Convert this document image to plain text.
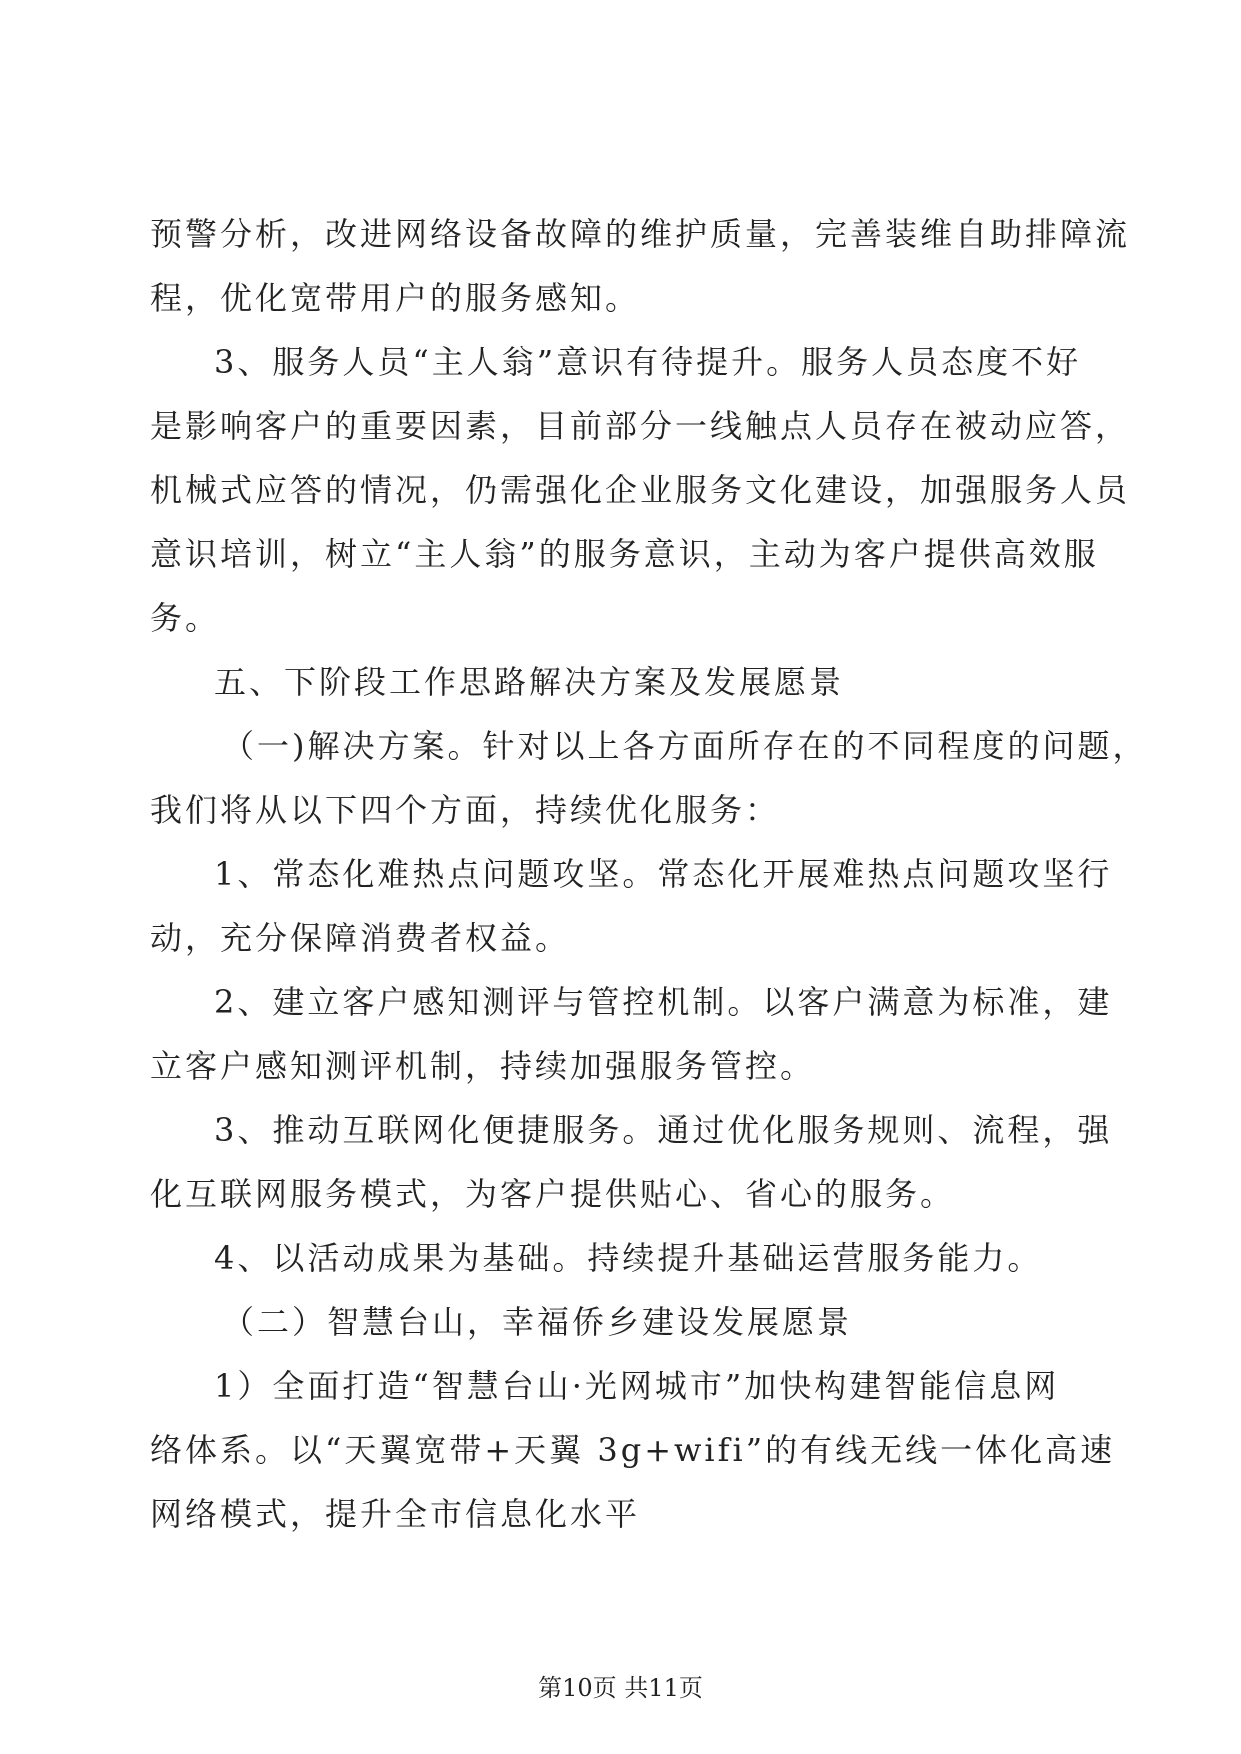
预警分析，改进网络设备故障的维护质量，完善装维自助排障流
程，优化宽带用户的服务感知。
3、服务人员“主人翁”意识有待提升。服务人员态度不好
是影响客户的重要因素，目前部分一线触点人员存在被动应答，
机械式应答的情况，仍需强化企业服务文化建设，加强服务人员
意识培训，树立“主人翁”的服务意识，主动为客户提供高效服
务。
五、下阶段工作思路解决方案及发展愿景
（一)解决方案。针对以上各方面所存在的不同程度的问题，
我们将从以下四个方面，持续优化服务：
1、常态化难热点问题攻坚。常态化开展难热点问题攻坚行
动，充分保障消费者权益。
2、建立客户感知测评与管控机制。以客户满意为标准，建
立客户感知测评机制，持续加强服务管控。
3、推动互联网化便捷服务。通过优化服务规则、流程，强
化互联网服务模式，为客户提供贴心、省心的服务。
4、以活动成果为基础。持续提升基础运营服务能力。
（二）智慧台山，幸福侨乡建设发展愿景
1）全面打造“智慧台山·光网城市”加快构建智能信息网
络体系。以“天翼宽带+天翼 3g+wifi”的有线无线一体化高速
网络模式，提升全市信息化水平
第10页 共11页
